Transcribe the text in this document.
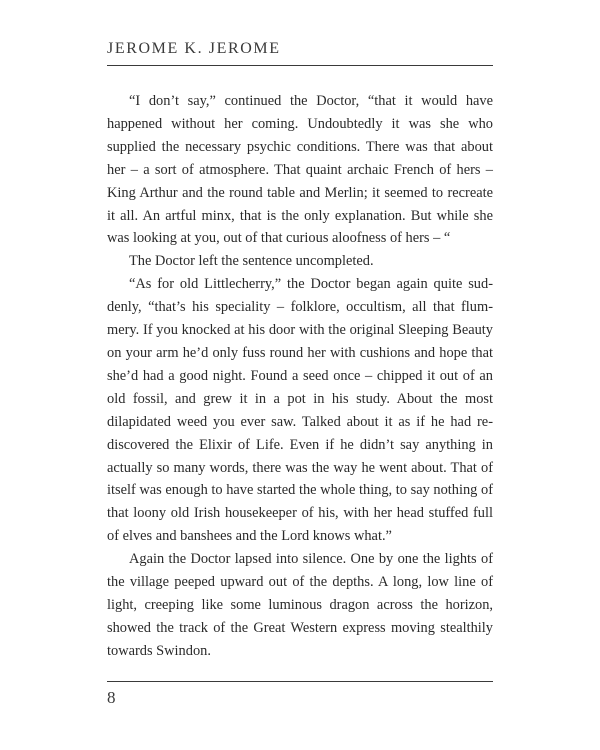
JEROME K. JEROME

“I don’t say,” continued the Doctor, “that it would have happened without her coming. Undoubtedly it was she who supplied the necessary psychic conditions. There was that about her – a sort of atmosphere. That quaint archaic French of hers – King Arthur and the round table and Merlin; it seemed to recreate it all. An artful minx, that is the only explanation. But while she was looking at you, out of that curious aloofness of hers – “

The Doctor left the sentence uncompleted.

“As for old Littlecherry,” the Doctor began again quite suddenly, “that’s his speciality – folklore, occultism, all that flummery. If you knocked at his door with the original Sleeping Beauty on your arm he’d only fuss round her with cushions and hope that she’d had a good night. Found a seed once – chipped it out of an old fossil, and grew it in a pot in his study. About the most dilapidated weed you ever saw. Talked about it as if he had re-discovered the Elixir of Life. Even if he didn’t say anything in actually so many words, there was the way he went about. That of itself was enough to have started the whole thing, to say nothing of that loony old Irish housekeeper of his, with her head stuffed full of elves and banshees and the Lord knows what.”

Again the Doctor lapsed into silence. One by one the lights of the village peeped upward out of the depths. A long, low line of light, creeping like some luminous dragon across the horizon, showed the track of the Great Western express moving stealthily towards Swindon.

8
